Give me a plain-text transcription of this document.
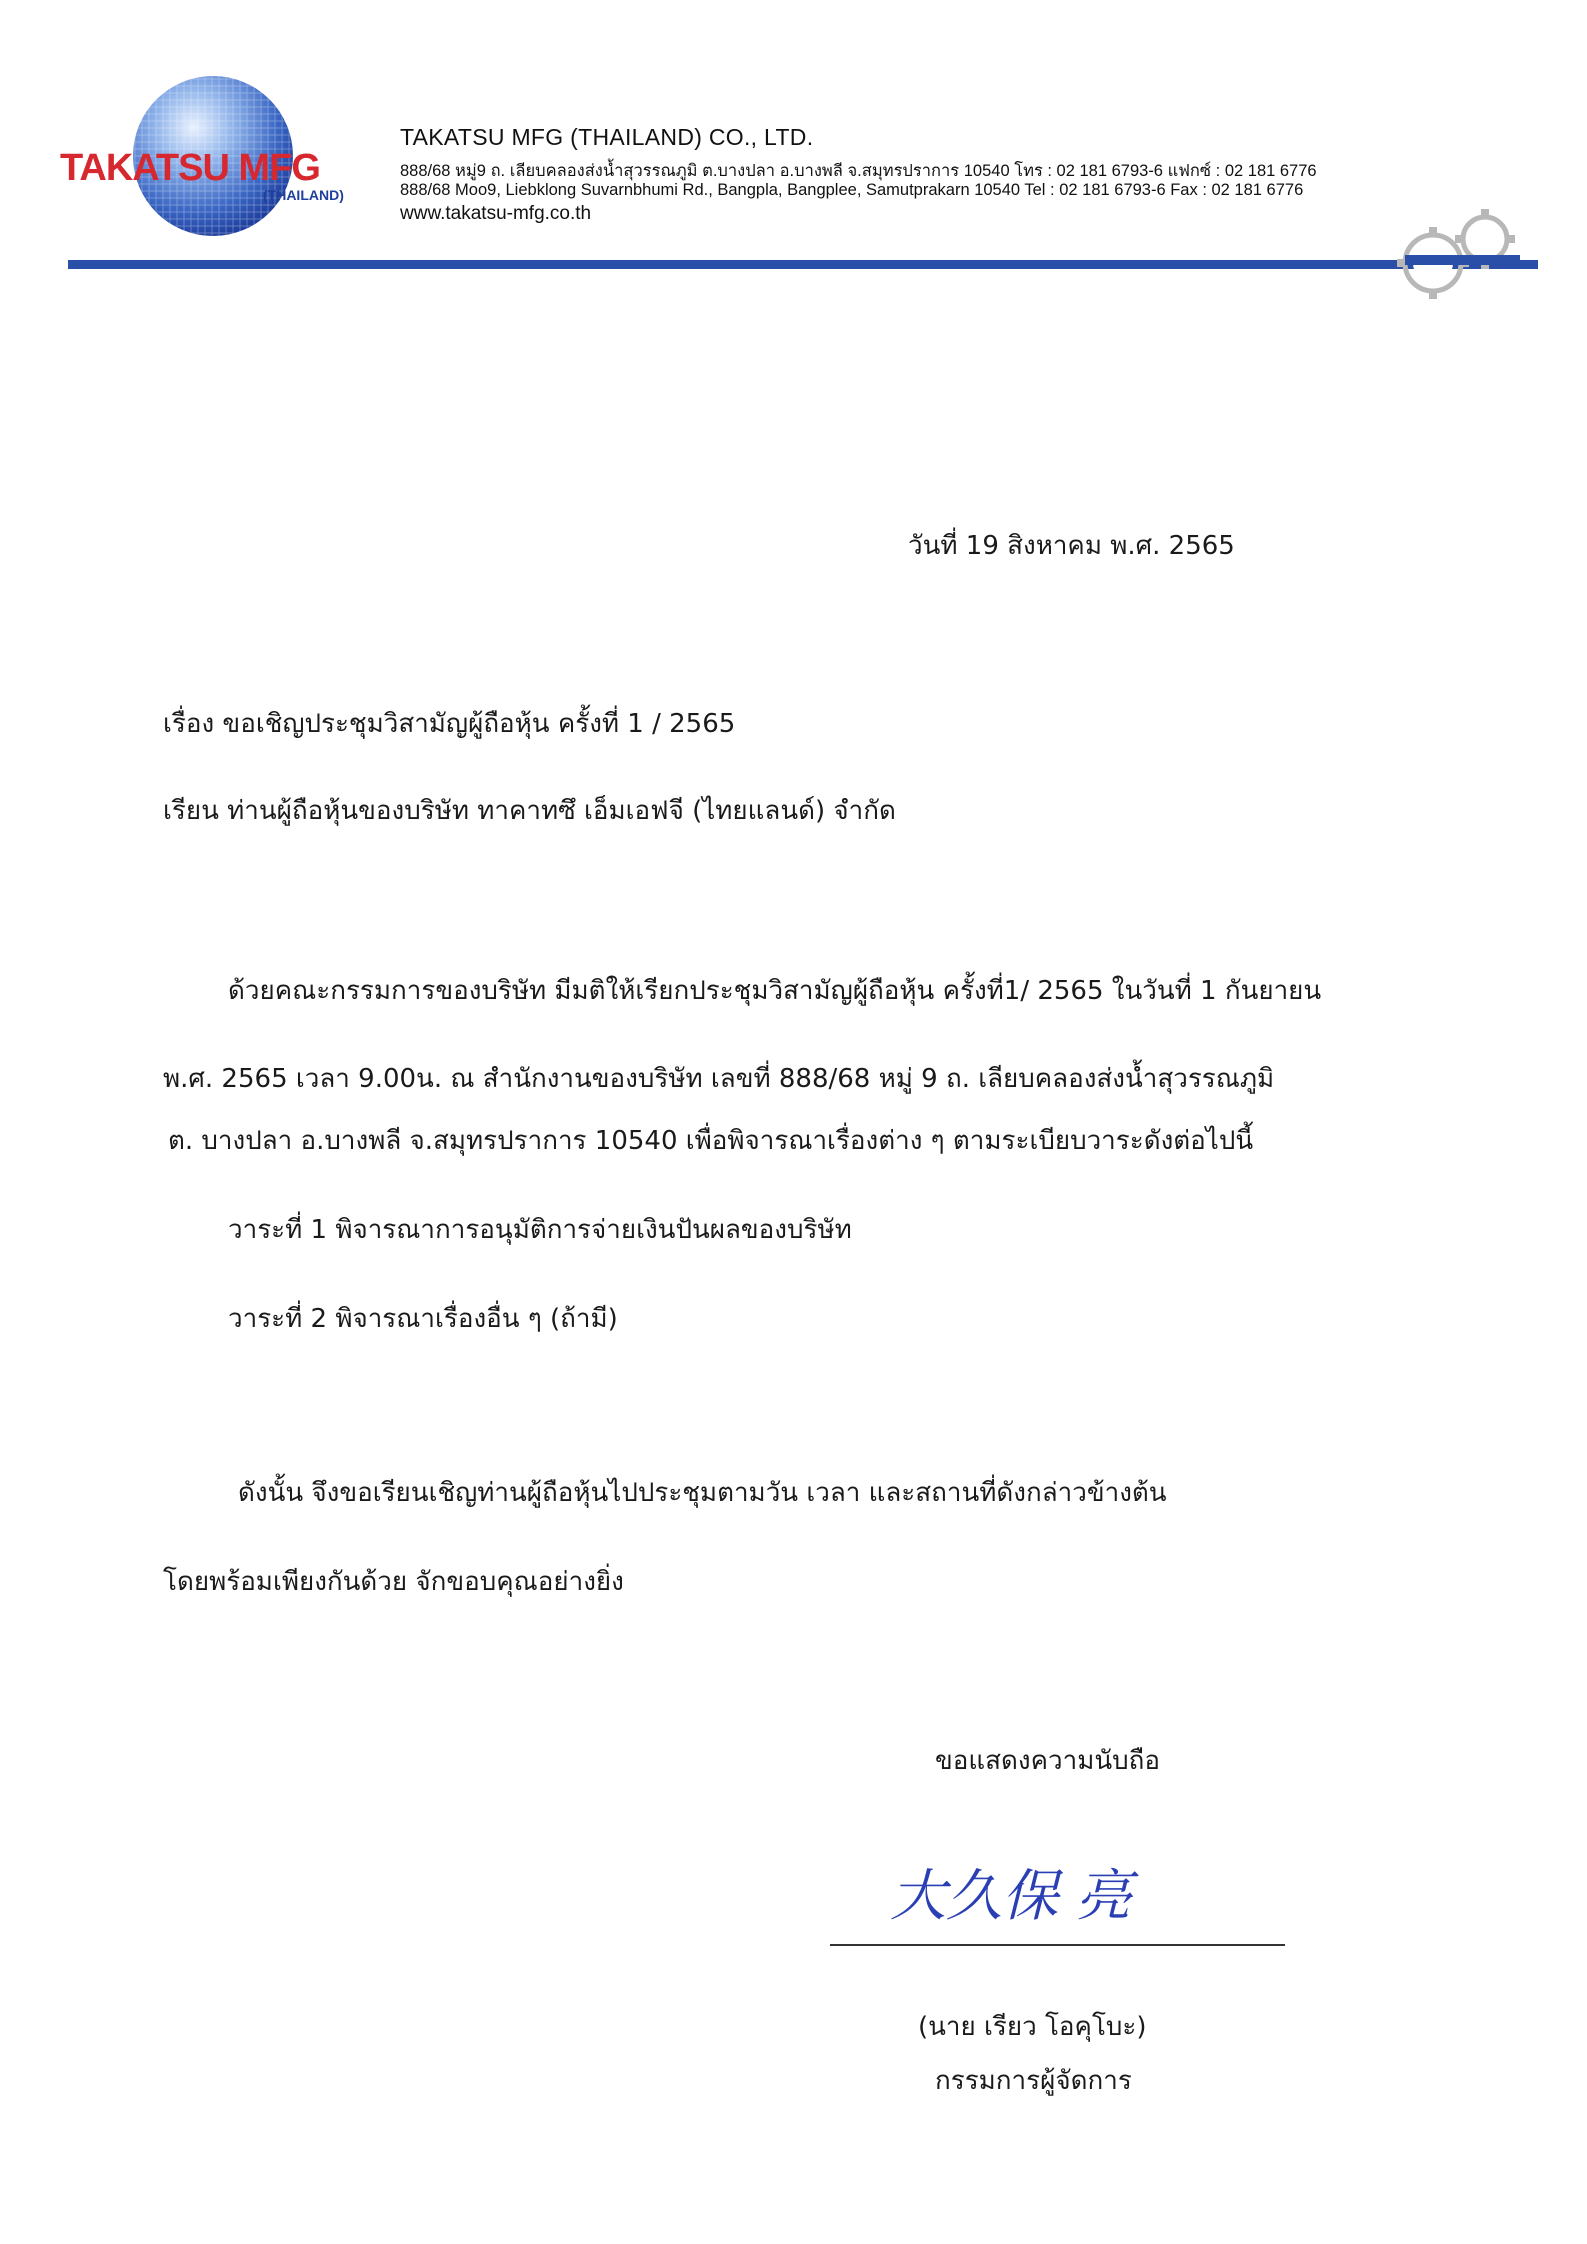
TAKATSU MFG
(THAILAND)
TAKATSU MFG (THAILAND) CO., LTD.
888/68 หมู่9 ถ. เลียบคลองส่งน้ำสุวรรณภูมิ ต.บางปลา อ.บางพลี จ.สมุทรปราการ 10540 โทร : 02 181 6793-6 แฟกซ์ : 02 181 6776
888/68 Moo9, Liebklong Suvarnbhumi Rd., Bangpla, Bangplee, Samutprakarn 10540 Tel : 02 181 6793-6 Fax : 02 181 6776
www.takatsu-mfg.co.th
วันที่ 19 สิงหาคม พ.ศ. 2565
เรื่อง ขอเชิญประชุมวิสามัญผู้ถือหุ้น ครั้งที่ 1 / 2565
เรียน ท่านผู้ถือหุ้นของบริษัท ทาคาทซึ เอ็มเอฟจี (ไทยแลนด์) จำกัด
ด้วยคณะกรรมการของบริษัท มีมติให้เรียกประชุมวิสามัญผู้ถือหุ้น ครั้งที่1/ 2565 ในวันที่ 1 กันยายน
พ.ศ. 2565 เวลา 9.00น. ณ สำนักงานของบริษัท เลขที่ 888/68 หมู่ 9 ถ. เลียบคลองส่งน้ำสุวรรณภูมิ
ต. บางปลา อ.บางพลี จ.สมุทรปราการ 10540 เพื่อพิจารณาเรื่องต่าง ๆ ตามระเบียบวาระดังต่อไปนี้
วาระที่ 1 พิจารณาการอนุมัติการจ่ายเงินปันผลของบริษัท
วาระที่ 2 พิจารณาเรื่องอื่น ๆ (ถ้ามี)
ดังนั้น จึงขอเรียนเชิญท่านผู้ถือหุ้นไปประชุมตามวัน เวลา และสถานที่ดังกล่าวข้างต้น
โดยพร้อมเพียงกันด้วย จักขอบคุณอย่างยิ่ง
ขอแสดงความนับถือ
大久保 亮
(นาย เรียว โอคุโบะ)
กรรมการผู้จัดการ
